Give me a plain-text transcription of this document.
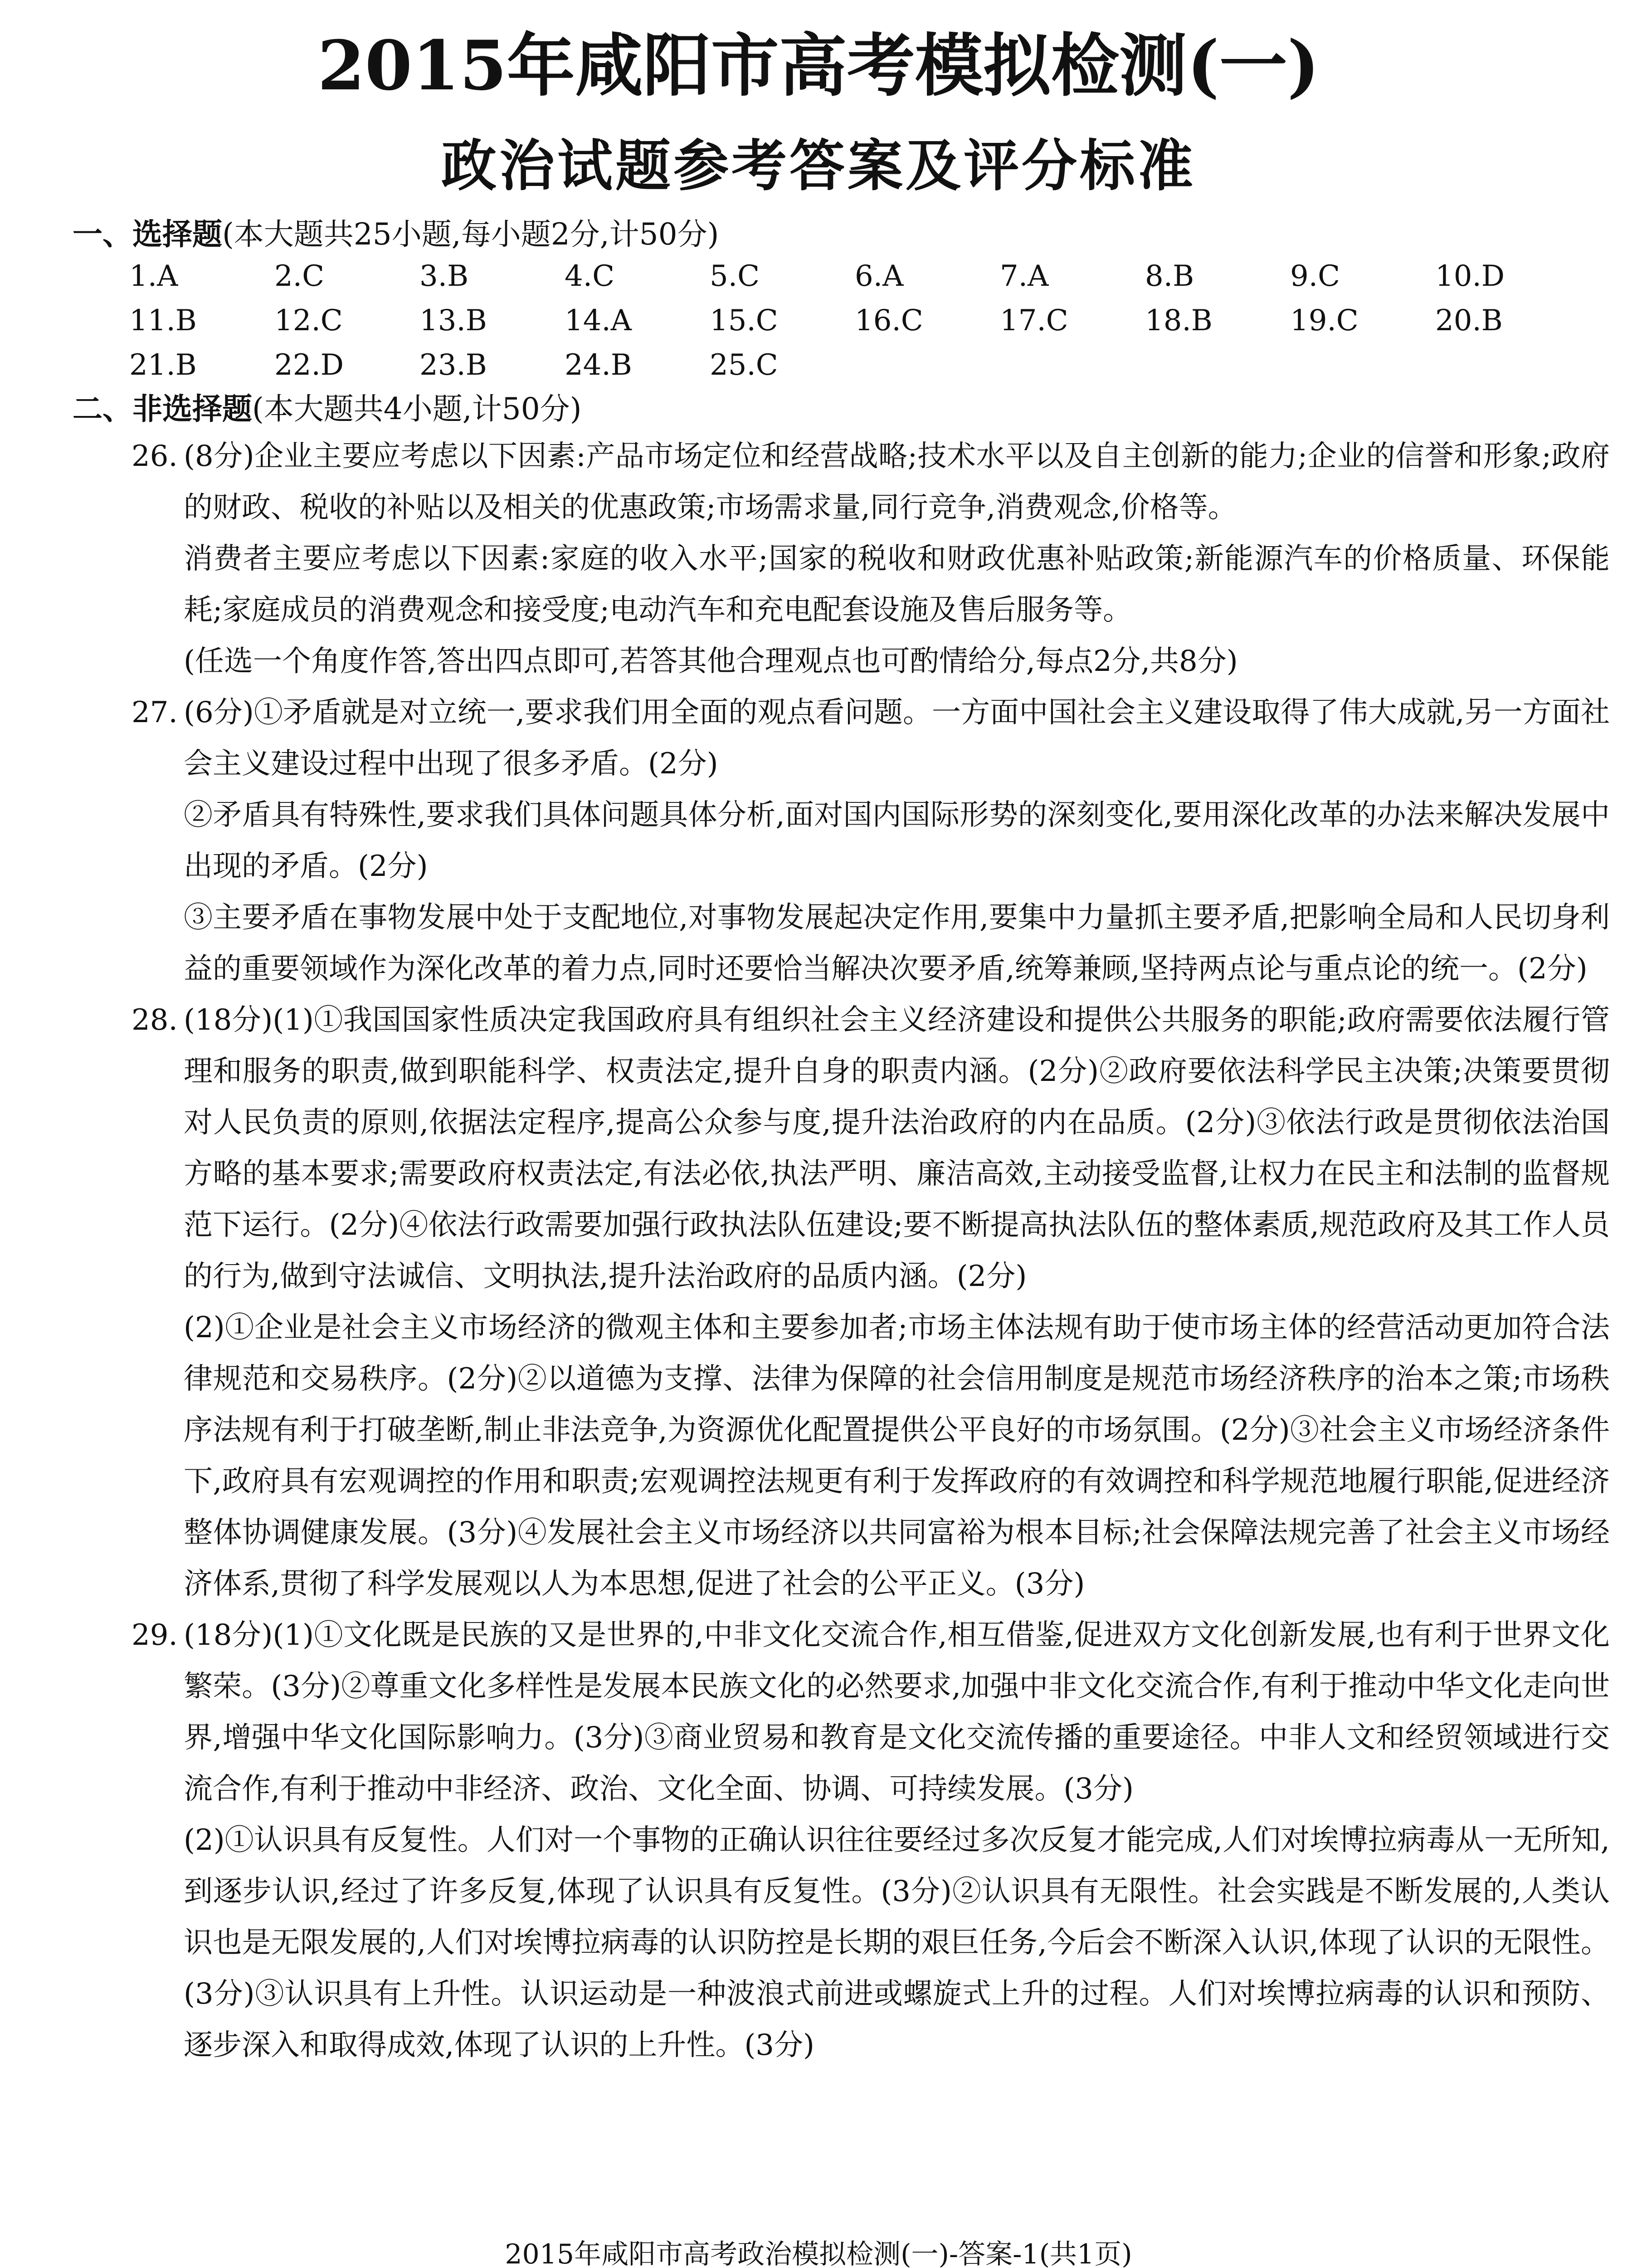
2015年咸阳市高考模拟检测(一)
政治试题参考答案及评分标准
一、选择题(本大题共25小题,每小题2分,计50分)
1.A	2.C	3.B	4.C	5.C	6.A	7.A	8.B	9.C	10.D
11.B	12.C	13.B	14.A	15.C	16.C	17.C	18.B	19.C	20.B
21.B	22.D	23.B	24.B	25.C
二、非选择题(本大题共4小题,计50分)
26. (8分)企业主要应考虑以下因素:产品市场定位和经营战略;技术水平以及自主创新的能力;企业的信誉和形象;政府的财政、税收的补贴以及相关的优惠政策;市场需求量,同行竞争,消费观念,价格等。

消费者主要应考虑以下因素:家庭的收入水平;国家的税收和财政优惠补贴政策;新能源汽车的价格质量、环保能耗;家庭成员的消费观念和接受度;电动汽车和充电配套设施及售后服务等。

(任选一个角度作答,答出四点即可,若答其他合理观点也可酌情给分,每点2分,共8分)

27. (6分)①矛盾就是对立统一,要求我们用全面的观点看问题。一方面中国社会主义建设取得了伟大成就,另一方面社会主义建设过程中出现了很多矛盾。(2分)

②矛盾具有特殊性,要求我们具体问题具体分析,面对国内国际形势的深刻变化,要用深化改革的办法来解决发展中出现的矛盾。(2分)

③主要矛盾在事物发展中处于支配地位,对事物发展起决定作用,要集中力量抓主要矛盾,把影响全局和人民切身利益的重要领域作为深化改革的着力点,同时还要恰当解决次要矛盾,统筹兼顾,坚持两点论与重点论的统一。(2分)

28. (18分)(1)①我国国家性质决定我国政府具有组织社会主义经济建设和提供公共服务的职能;政府需要依法履行管理和服务的职责,做到职能科学、权责法定,提升自身的职责内涵。(2分)②政府要依法科学民主决策;决策要贯彻对人民负责的原则,依据法定程序,提高公众参与度,提升法治政府的内在品质。(2分)③依法行政是贯彻依法治国方略的基本要求;需要政府权责法定,有法必依,执法严明、廉洁高效,主动接受监督,让权力在民主和法制的监督规范下运行。(2分)④依法行政需要加强行政执法队伍建设;要不断提高执法队伍的整体素质,规范政府及其工作人员的行为,做到守法诚信、文明执法,提升法治政府的品质内涵。(2分)

(2)①企业是社会主义市场经济的微观主体和主要参加者;市场主体法规有助于使市场主体的经营活动更加符合法律规范和交易秩序。(2分)②以道德为支撑、法律为保障的社会信用制度是规范市场经济秩序的治本之策;市场秩序法规有利于打破垄断,制止非法竞争,为资源优化配置提供公平良好的市场氛围。(2分)③社会主义市场经济条件下,政府具有宏观调控的作用和职责;宏观调控法规更有利于发挥政府的有效调控和科学规范地履行职能,促进经济整体协调健康发展。(3分)④发展社会主义市场经济以共同富裕为根本目标;社会保障法规完善了社会主义市场经济体系,贯彻了科学发展观以人为本思想,促进了社会的公平正义。(3分)

29. (18分)(1)①文化既是民族的又是世界的,中非文化交流合作,相互借鉴,促进双方文化创新发展,也有利于世界文化繁荣。(3分)②尊重文化多样性是发展本民族文化的必然要求,加强中非文化交流合作,有利于推动中华文化走向世界,增强中华文化国际影响力。(3分)③商业贸易和教育是文化交流传播的重要途径。中非人文和经贸领域进行交流合作,有利于推动中非经济、政治、文化全面、协调、可持续发展。(3分)

(2)①认识具有反复性。人们对一个事物的正确认识往往要经过多次反复才能完成,人们对埃博拉病毒从一无所知,到逐步认识,经过了许多反复,体现了认识具有反复性。(3分)②认识具有无限性。社会实践是不断发展的,人类认识也是无限发展的,人们对埃博拉病毒的认识防控是长期的艰巨任务,今后会不断深入认识,体现了认识的无限性。(3分)③认识具有上升性。认识运动是一种波浪式前进或螺旋式上升的过程。人们对埃博拉病毒的认识和预防、逐步深入和取得成效,体现了认识的上升性。(3分)

2015年咸阳市高考政治模拟检测(一)-答案-1(共1页)
